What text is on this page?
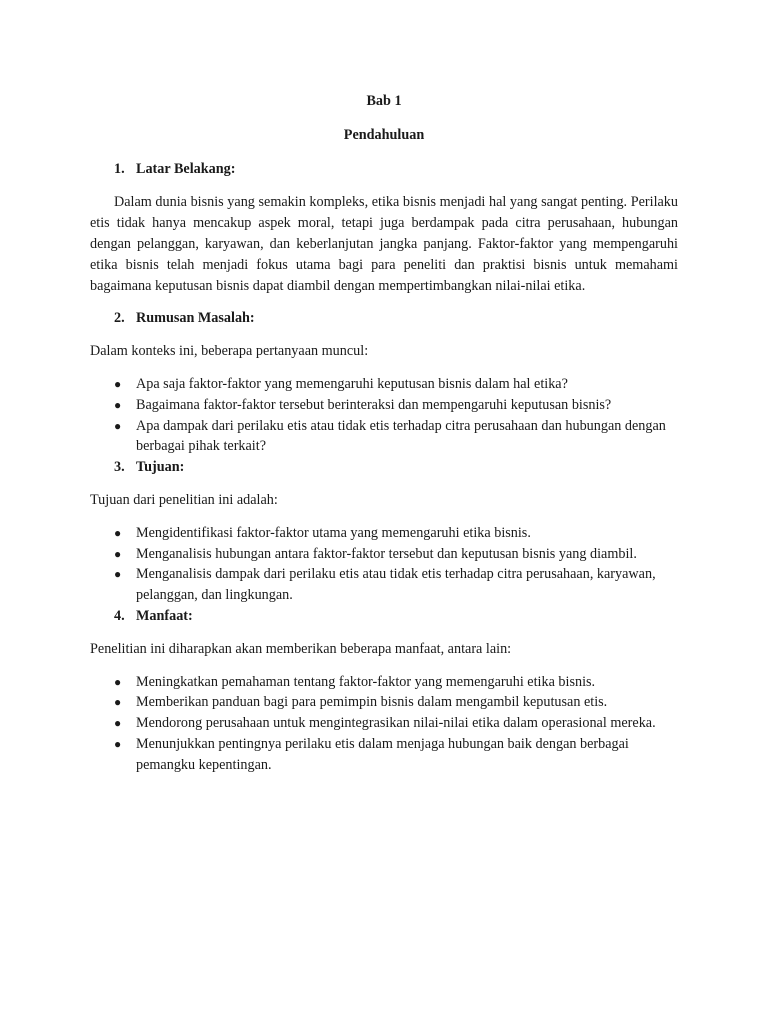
Bab 1

Pendahuluan

1. Latar Belakang:

Dalam dunia bisnis yang semakin kompleks, etika bisnis menjadi hal yang sangat penting. Perilaku etis tidak hanya mencakup aspek moral, tetapi juga berdampak pada citra perusahaan, hubungan dengan pelanggan, karyawan, dan keberlanjutan jangka panjang. Faktor-faktor yang mempengaruhi etika bisnis telah menjadi fokus utama bagi para peneliti dan praktisi bisnis untuk memahami bagaimana keputusan bisnis dapat diambil dengan mempertimbangkan nilai-nilai etika.

2. Rumusan Masalah:

Dalam konteks ini, beberapa pertanyaan muncul:

●	Apa saja faktor-faktor yang memengaruhi keputusan bisnis dalam hal etika?
●	Bagaimana faktor-faktor tersebut berinteraksi dan mempengaruhi keputusan bisnis?
●	Apa dampak dari perilaku etis atau tidak etis terhadap citra perusahaan dan hubungan dengan berbagai pihak terkait?
3. Tujuan:

Tujuan dari penelitian ini adalah:

●	Mengidentifikasi faktor-faktor utama yang memengaruhi etika bisnis.
●	Menganalisis hubungan antara faktor-faktor tersebut dan keputusan bisnis yang diambil.
●	Menganalisis dampak dari perilaku etis atau tidak etis terhadap citra perusahaan, karyawan, pelanggan, dan lingkungan.
4. Manfaat:

Penelitian ini diharapkan akan memberikan beberapa manfaat, antara lain:

●	Meningkatkan pemahaman tentang faktor-faktor yang memengaruhi etika bisnis.
●	Memberikan panduan bagi para pemimpin bisnis dalam mengambil keputusan etis.
●	Mendorong perusahaan untuk mengintegrasikan nilai-nilai etika dalam operasional mereka.
●	Menunjukkan pentingnya perilaku etis dalam menjaga hubungan baik dengan berbagai pemangku kepentingan.
